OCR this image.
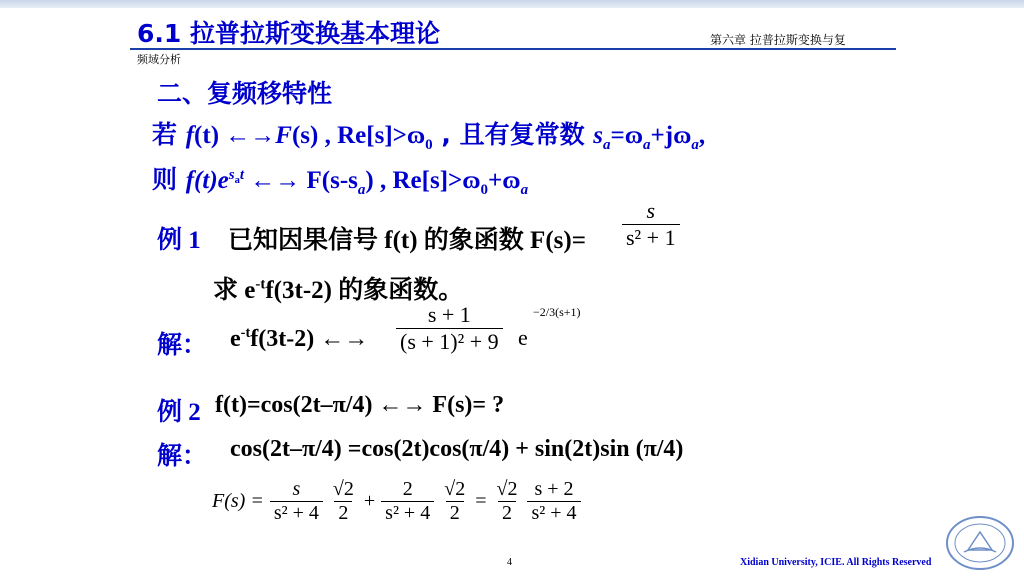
6.1 拉普拉斯变换基本理论	第六章 拉普拉斯变换与复
频域分析
二、复频移特性
若 f(t) ←→F(s) , Re[s]>ɷ$_0$ , 且有复常数 $s_a=ɷ_a+jɷ_a$,
则 $f(t)e^{s_at}$ ←→ $F(s-s_a)$ , Re[s]>ɷ$_0$+ɷ$_a$
例 1 已知因果信号 f(t) 的象函数 $F(s)= \frac{s}{\text{s² + 1}}$
求 $e^{-t}f(3t-2)$ 的象函数。
解： $e^{-t}f(3t-2)$ ←→ $\frac{s + 1}{\text{(s + 1)² + 9}}$ e
−2/3(s+1)
例 2 f(t)=cos(2t–π/4) ←→ F(s)= ?
解： cos(2t–π/4) =cos(2t)cos(π/4) + sin(2t)sin (π/4)
$F(s) = \frac{s}{\text{s² + 4}} \frac{√2}{2} + \frac{2}{\text{s² + 4}} \frac{√2}{2} = \frac{√2}{2} \frac{s + 2}{\text{s² + 4}}$
4	Xidian University, ICIE. All Rights Reserved
